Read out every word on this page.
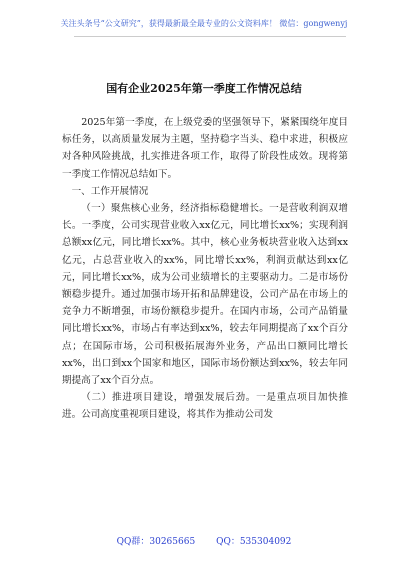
关注头条号“公文研究”，获得最新最全最专业的公文资料库！ 微信：gongwenyj
国有企业2025年第一季度工作情况总结

2025年第一季度，在上级党委的坚强领导下，紧紧围绕年度目标任务，以高质量发展为主题，坚持稳字当头、稳中求进，积极应对各种风险挑战，扎实推进各项工作，取得了阶段性成效。现将第一季度工作情况总结如下。

一、工作开展情况

（一）聚焦核心业务，经济指标稳健增长。一是营收利润双增长。一季度，公司实现营业收入xx亿元，同比增长xx%；实现利润总额xx亿元，同比增长xx%。其中，核心业务板块营业收入达到xx亿元，占总营业收入的xx%，同比增长xx%，利润贡献达到xx亿元，同比增长xx%，成为公司业绩增长的主要驱动力。二是市场份额稳步提升。通过加强市场开拓和品牌建设，公司产品在市场上的竞争力不断增强，市场份额稳步提升。在国内市场，公司产品销量同比增长xx%，市场占有率达到xx%，较去年同期提高了xx个百分点；在国际市场，公司积极拓展海外业务，产品出口额同比增长xx%，出口到xx个国家和地区，国际市场份额达到xx%，较去年同期提高了xx个百分点。

（二）推进项目建设，增强发展后劲。一是重点项目加快推进。公司高度重视项目建设，将其作为推动公司发

QQ群：30265665 QQ：535304092
